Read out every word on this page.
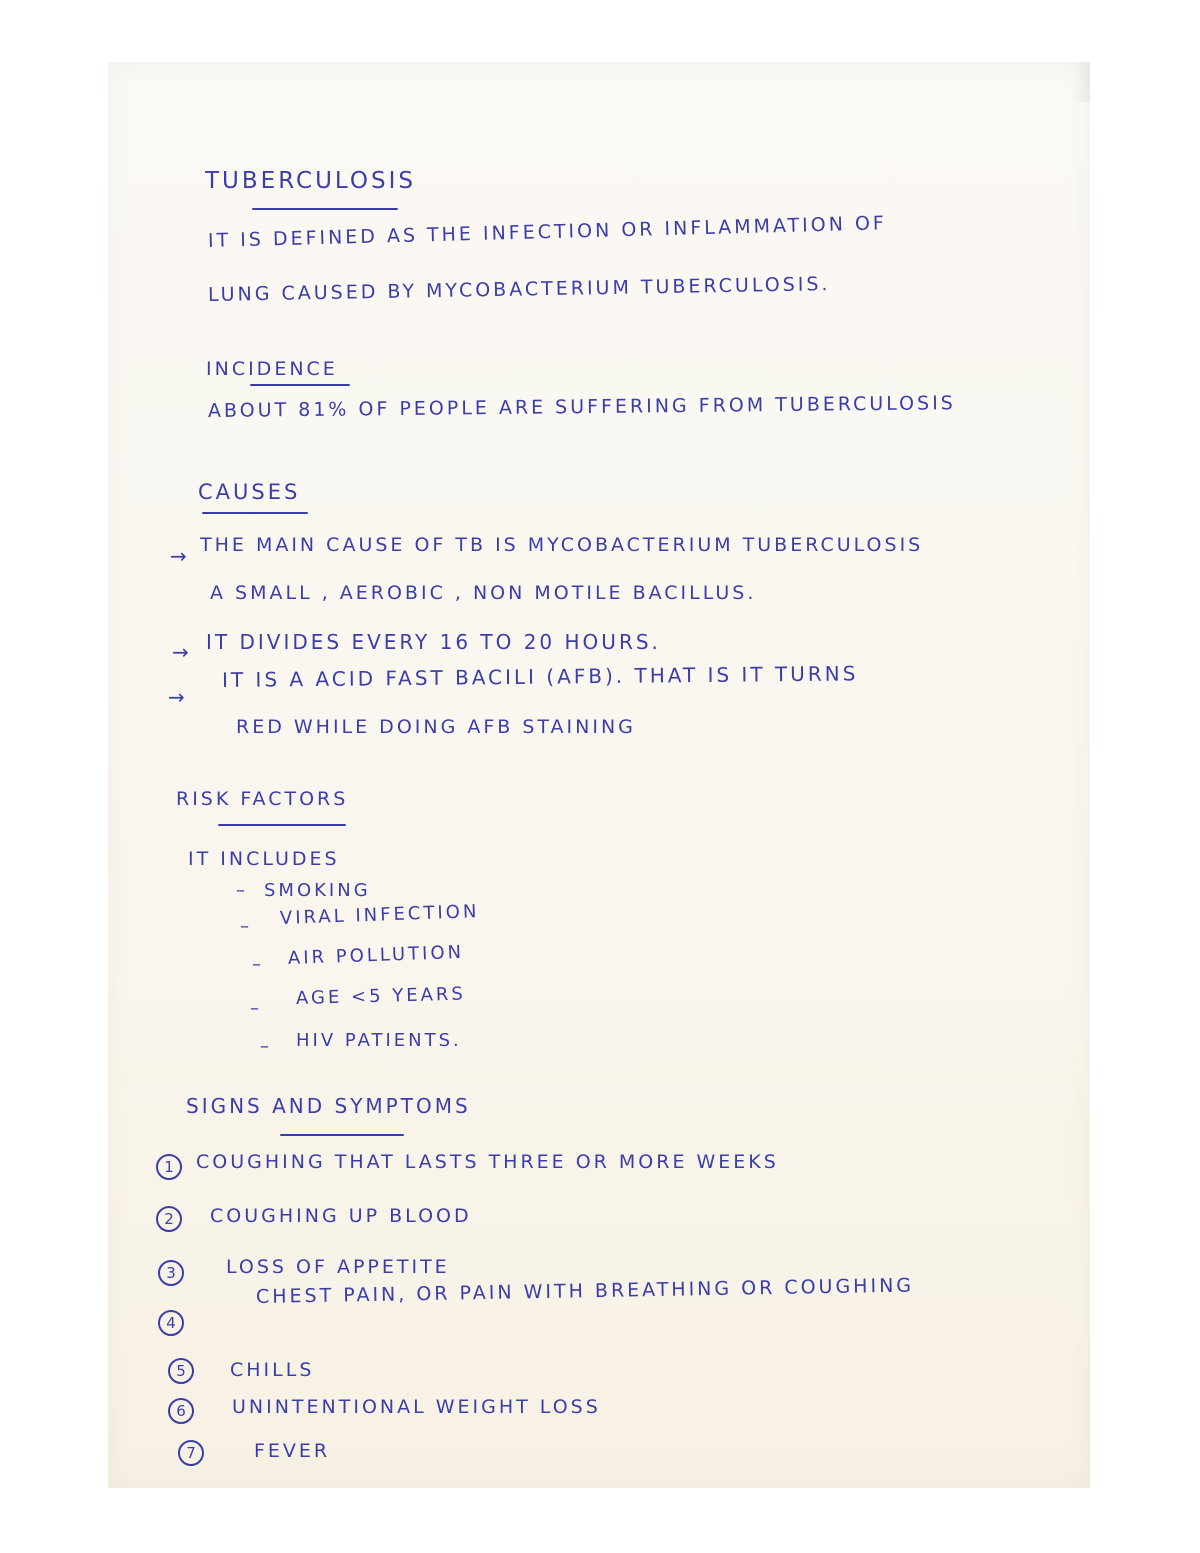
TUBERCULOSIS
IT IS DEFINED AS THE INFECTION OR INFLAMMATION OF
LUNG CAUSED BY MYCOBACTERIUM TUBERCULOSIS.
INCIDENCE
ABOUT 81% OF PEOPLE ARE SUFFERING FROM TUBERCULOSIS
CAUSES
→ THE MAIN CAUSE OF TB IS MYCOBACTERIUM TUBERCULOSIS
A SMALL , AEROBIC , NON MOTILE BACILLUS.
→ IT DIVIDES EVERY 16 TO 20 HOURS.
→
IT IS A ACID FAST BACILI (AFB). THAT IS IT TURNS
RED WHILE DOING AFB STAINING
RISK FACTORS
IT INCLUDES
– SMOKING
– VIRAL INFECTION
– AIR POLLUTION
– AGE <5 YEARS
– HIV PATIENTS.
SIGNS AND SYMPTOMS
1	COUGHING THAT LASTS THREE OR MORE WEEKS
2	COUGHING UP BLOOD
3	LOSS OF APPETITE
4
CHEST PAIN, OR PAIN WITH BREATHING OR COUGHING
5	CHILLS
6	UNINTENTIONAL WEIGHT LOSS
7	FEVER
